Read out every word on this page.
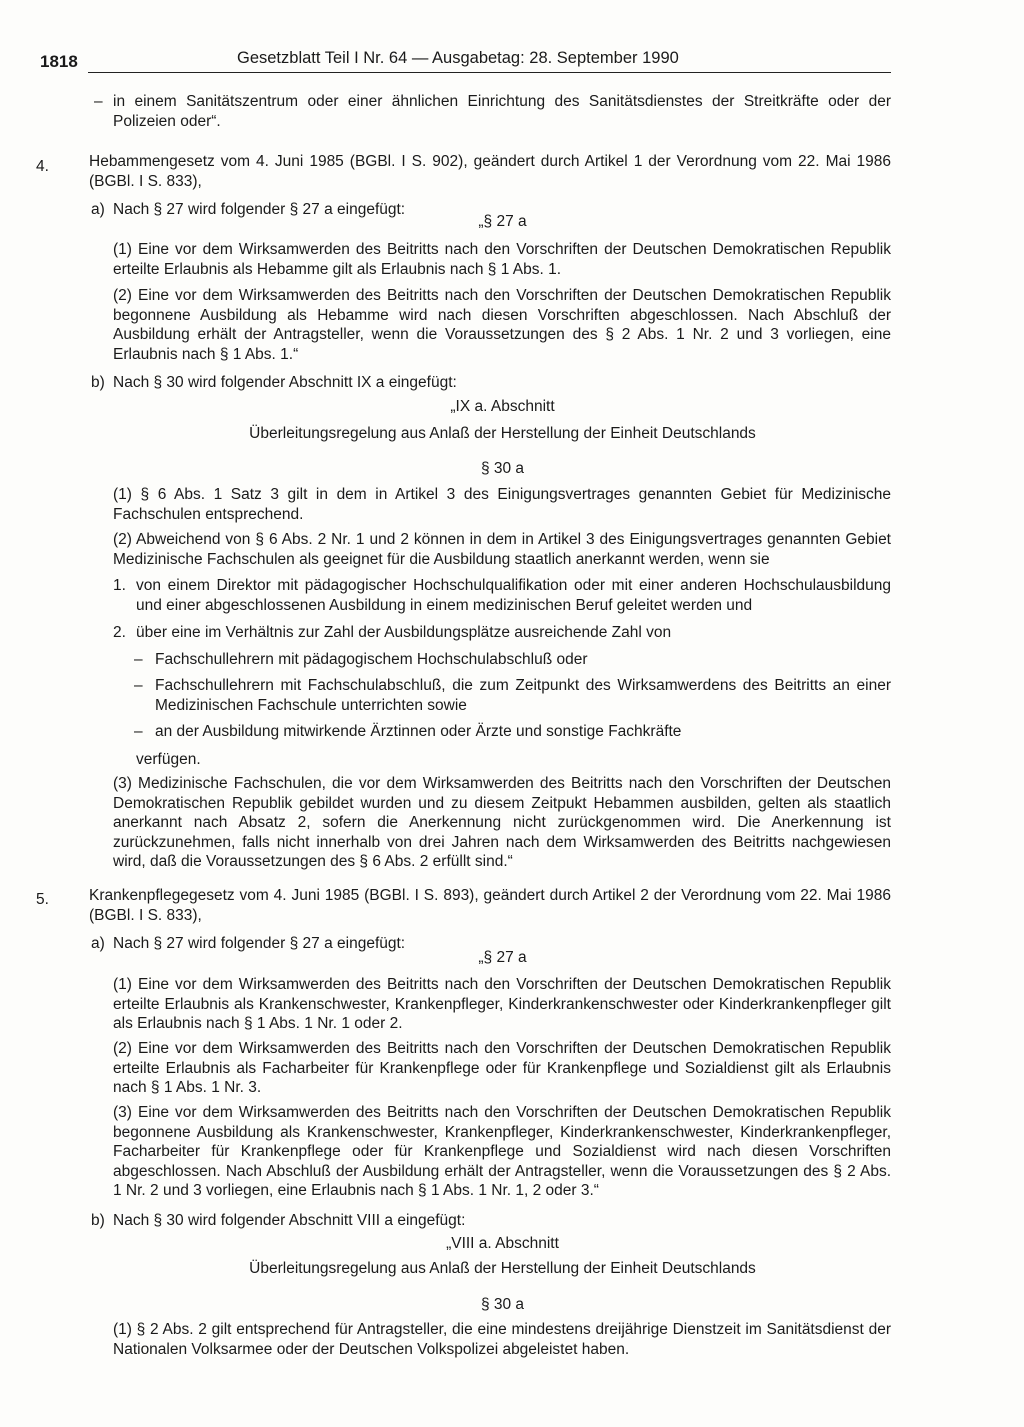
1818	Gesetzblatt Teil I Nr. 64 — Ausgabetag: 28. September 1990
– in einem Sanitätszentrum oder einer ähnlichen Einrichtung des Sanitätsdienstes der Streitkräfte oder der Polizeien oder“.
4.	Hebammengesetz vom 4. Juni 1985 (BGBl. I S. 902), geändert durch Artikel 1 der Verordnung vom 22. Mai 1986 (BGBl. I S. 833),
a) Nach § 27 wird folgender § 27 a eingefügt:
„§ 27 a
(1) Eine vor dem Wirksamwerden des Beitritts nach den Vorschriften der Deutschen Demokratischen Republik erteilte Erlaubnis als Hebamme gilt als Erlaubnis nach § 1 Abs. 1.
(2) Eine vor dem Wirksamwerden des Beitritts nach den Vorschriften der Deutschen Demokratischen Republik begonnene Ausbildung als Hebamme wird nach diesen Vorschriften abgeschlossen. Nach Abschluß der Ausbildung erhält der Antragsteller, wenn die Voraussetzungen des § 2 Abs. 1 Nr. 2 und 3 vorliegen, eine Erlaubnis nach § 1 Abs. 1.“
b) Nach § 30 wird folgender Abschnitt IX a eingefügt:
„IX a. Abschnitt
Überleitungsregelung aus Anlaß der Herstellung der Einheit Deutschlands
§ 30 a
(1) § 6 Abs. 1 Satz 3 gilt in dem in Artikel 3 des Einigungsvertrages genannten Gebiet für Medizinische Fachschulen entsprechend.
(2) Abweichend von § 6 Abs. 2 Nr. 1 und 2 können in dem in Artikel 3 des Einigungsvertrages genannten Gebiet Medizinische Fachschulen als geeignet für die Ausbildung staatlich anerkannt werden, wenn sie
1. von einem Direktor mit pädagogischer Hochschulqualifikation oder mit einer anderen Hochschulausbildung und einer abgeschlossenen Ausbildung in einem medizinischen Beruf geleitet werden und
2. über eine im Verhältnis zur Zahl der Ausbildungsplätze ausreichende Zahl von
– Fachschullehrern mit pädagogischem Hochschulabschluß oder
– Fachschullehrern mit Fachschulabschluß, die zum Zeitpunkt des Wirksamwerdens des Beitritts an einer Medizinischen Fachschule unterrichten sowie
– an der Ausbildung mitwirkende Ärztinnen oder Ärzte und sonstige Fachkräfte
verfügen.
(3) Medizinische Fachschulen, die vor dem Wirksamwerden des Beitritts nach den Vorschriften der Deutschen Demokratischen Republik gebildet wurden und zu diesem Zeitpukt Hebammen ausbilden, gelten als staatlich anerkannt nach Absatz 2, sofern die Anerkennung nicht zurückgenommen wird. Die Anerkennung ist zurückzunehmen, falls nicht innerhalb von drei Jahren nach dem Wirksamwerden des Beitritts nachgewiesen wird, daß die Voraussetzungen des § 6 Abs. 2 erfüllt sind.“
5.	Krankenpflegegesetz vom 4. Juni 1985 (BGBl. I S. 893), geändert durch Artikel 2 der Verordnung vom 22. Mai 1986 (BGBl. I S. 833),
a) Nach § 27 wird folgender § 27 a eingefügt:
„§ 27 a
(1) Eine vor dem Wirksamwerden des Beitritts nach den Vorschriften der Deutschen Demokratischen Republik erteilte Erlaubnis als Krankenschwester, Krankenpfleger, Kinderkrankenschwester oder Kinderkrankenpfleger gilt als Erlaubnis nach § 1 Abs. 1 Nr. 1 oder 2.
(2) Eine vor dem Wirksamwerden des Beitritts nach den Vorschriften der Deutschen Demokratischen Republik erteilte Erlaubnis als Facharbeiter für Krankenpflege oder für Krankenpflege und Sozialdienst gilt als Erlaubnis nach § 1 Abs. 1 Nr. 3.
(3) Eine vor dem Wirksamwerden des Beitritts nach den Vorschriften der Deutschen Demokratischen Republik begonnene Ausbildung als Krankenschwester, Krankenpfleger, Kinderkrankenschwester, Kinderkrankenpfleger, Facharbeiter für Krankenpflege oder für Krankenpflege und Sozialdienst wird nach diesen Vorschriften abgeschlossen. Nach Abschluß der Ausbildung erhält der Antragsteller, wenn die Voraussetzungen des § 2 Abs. 1 Nr. 2 und 3 vorliegen, eine Erlaubnis nach § 1 Abs. 1 Nr. 1, 2 oder 3.“
b) Nach § 30 wird folgender Abschnitt VIII a eingefügt:
„VIII a. Abschnitt
Überleitungsregelung aus Anlaß der Herstellung der Einheit Deutschlands
§ 30 a
(1) § 2 Abs. 2 gilt entsprechend für Antragsteller, die eine mindestens dreijährige Dienstzeit im Sanitätsdienst der Nationalen Volksarmee oder der Deutschen Volkspolizei abgeleistet haben.
